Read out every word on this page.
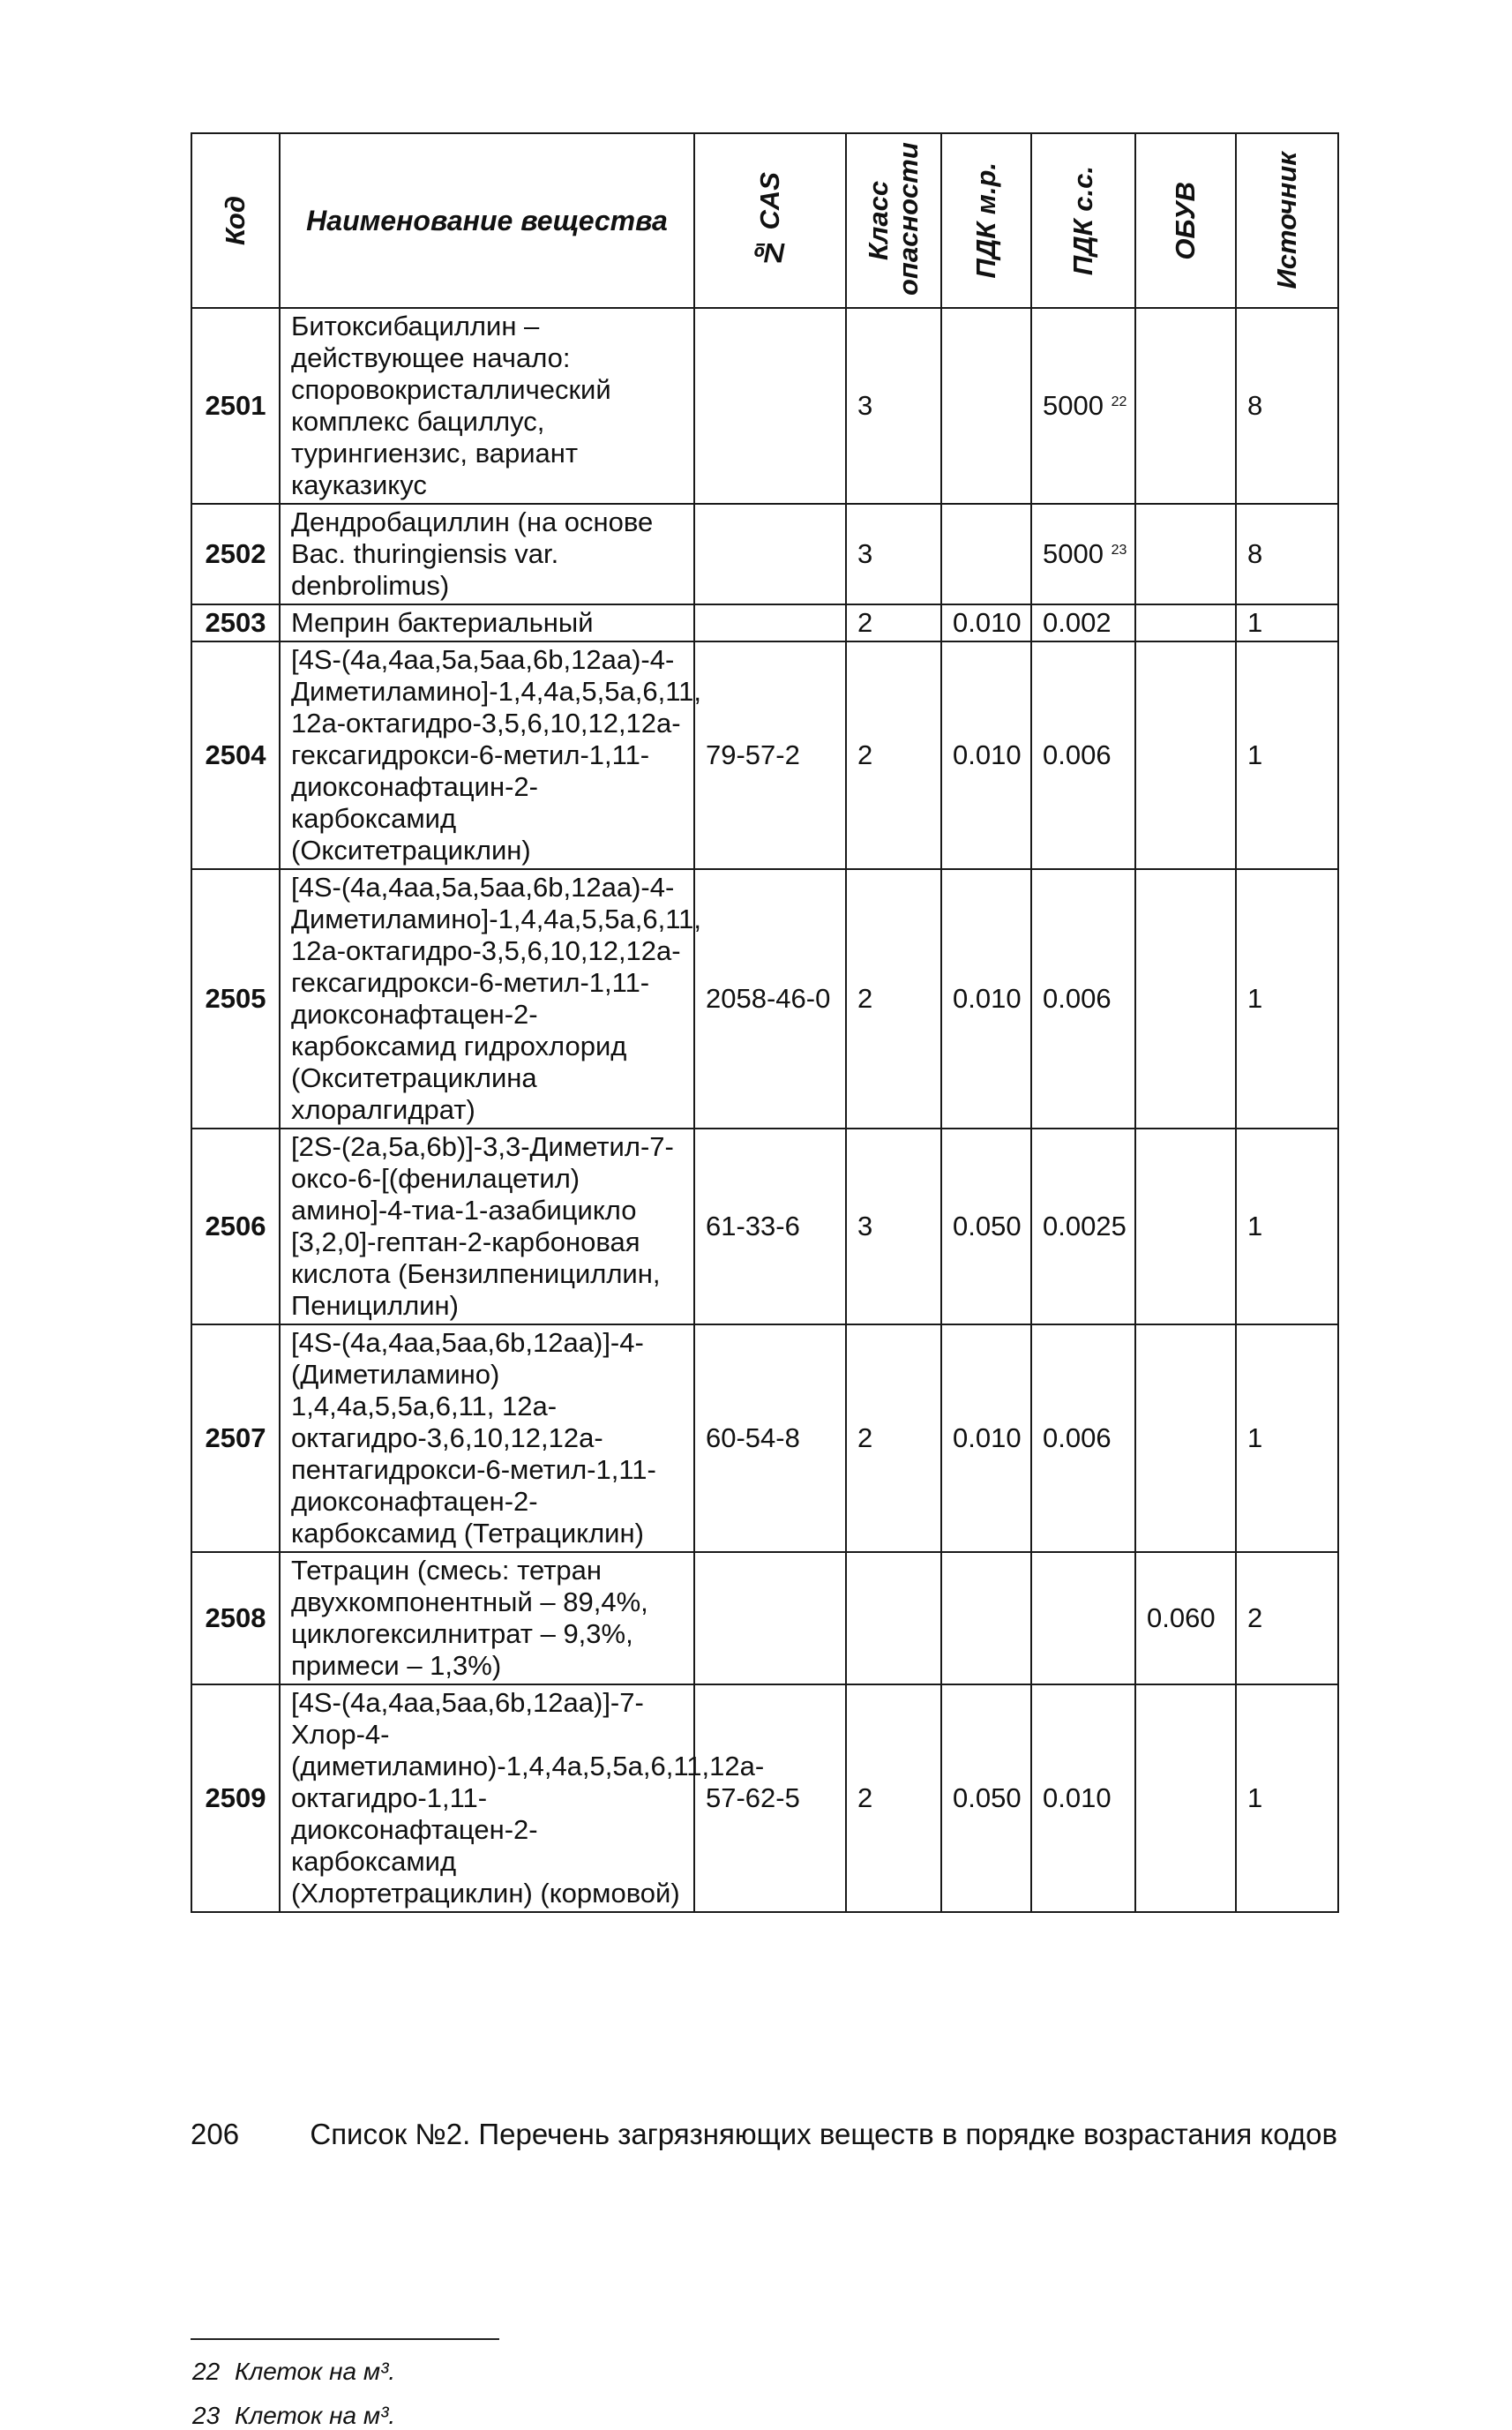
Код	Наименование вещества	№ CAS	Класс опасности	ПДК м.р.	ПДК с.с.	ОБУВ	Источник

2501	Битоксибациллин – действующее начало: споровокристаллический комплекс бациллус, турингиензис, вариант кауказикус		3		5000 $^{22}$		8
2502	Дендробациллин (на основе Bac. thuringiensis var. denbrolimus)		3		5000 $^{23}$		8
2503	Меприн бактериальный		2	0.010	0.002		1
2504	[4S-(4a,4aa,5a,5aa,6b,12aa)-4-Диметиламино]-1,4,4a,5,5a,6,11, 12a-октагидро-3,5,6,10,12,12a-гексагидрокси-6-метил-1,11-диоксонафтацин-2-карбоксамид (Окситетрациклин)	79-57-2	2	0.010	0.006		1
2505	[4S-(4a,4aa,5a,5aa,6b,12aa)-4-Диметиламино]-1,4,4a,5,5a,6,11, 12a-октагидро-3,5,6,10,12,12a-гексагидрокси-6-метил-1,11-диоксонафтацен-2-карбоксамид гидрохлорид (Окситетрациклина хлоралгидрат)	2058-46-0	2	0.010	0.006		1
2506	[2S-(2a,5a,6b)]-3,3-Диметил-7-оксо-6-[(фенилацетил) амино]-4-тиа-1-азабицикло [3,2,0]-гептан-2-карбоновая кислота (Бензилпенициллин, Пенициллин)	61-33-6	3	0.050	0.0025		1
2507	[4S-(4a,4aa,5aa,6b,12aa)]-4-(Диметиламино) 1,4,4a,5,5a,6,11, 12a-октагидро-3,6,10,12,12a-пентагидрокси-6-метил-1,11-диоксонафтацен-2-карбоксамид (Тетрациклин)	60-54-8	2	0.010	0.006		1
2508	Тетрацин (смесь: тетран двухкомпонентный – 89,4%, циклогексилнитрат – 9,3%, примеси – 1,3%)					0.060	2
2509	[4S-(4a,4aa,5aa,6b,12aa)]-7-Хлор-4-(диметиламино)-1,4,4a,5,5a,6,11,12a-октагидро-1,11-диоксонафтацен-2-карбоксамид (Хлортетрациклин) (кормовой)	57-62-5	2	0.050	0.010		1
22 Клеток на м³.
23 Клеток на м³.
206 Список №2. Перечень загрязняющих веществ в порядке возрастания кодов
